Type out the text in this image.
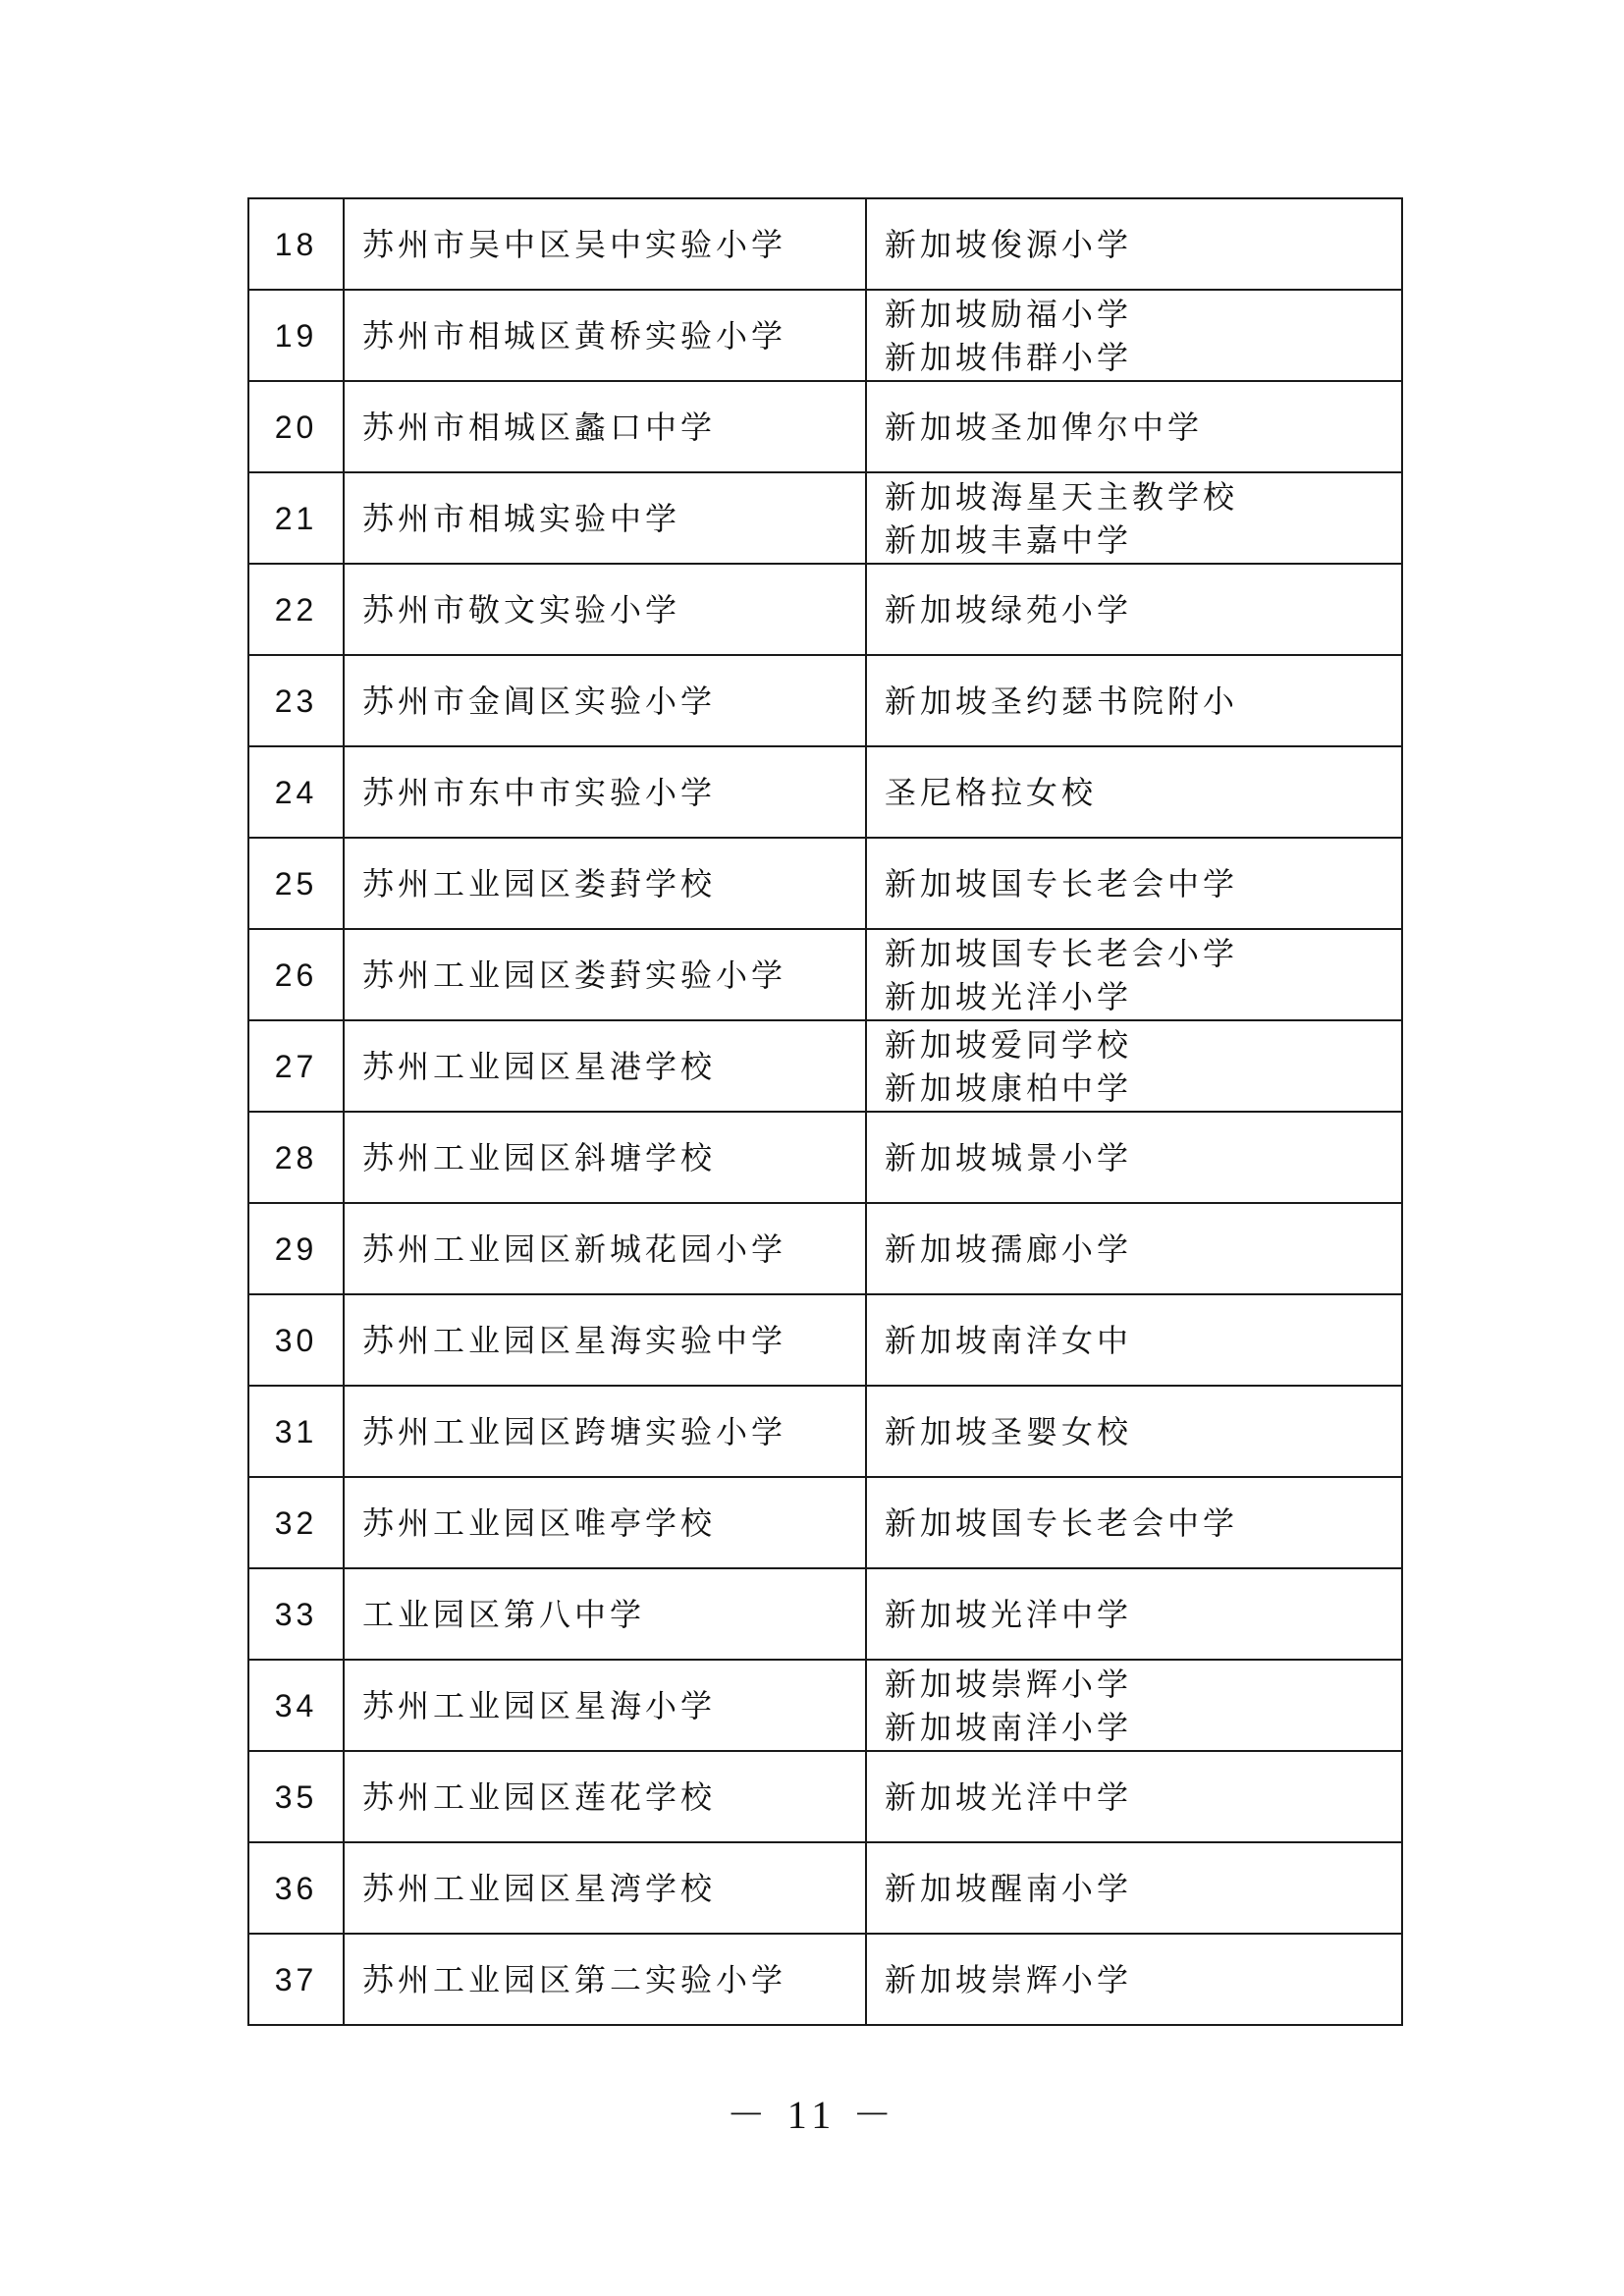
18	苏州市吴中区吴中实验小学	新加坡俊源小学

19	苏州市相城区黄桥实验小学	新加坡励福小学
新加坡伟群小学

20	苏州市相城区蠡口中学	新加坡圣加俾尔中学

21	苏州市相城实验中学	新加坡海星天主教学校
新加坡丰嘉中学

22	苏州市敬文实验小学	新加坡绿苑小学

23	苏州市金阊区实验小学	新加坡圣约瑟书院附小

24	苏州市东中市实验小学	圣尼格拉女校

25	苏州工业园区娄葑学校	新加坡国专长老会中学

26	苏州工业园区娄葑实验小学	新加坡国专长老会小学
新加坡光洋小学

27	苏州工业园区星港学校	新加坡爱同学校
新加坡康柏中学

28	苏州工业园区斜塘学校	新加坡城景小学

29	苏州工业园区新城花园小学	新加坡孺廊小学

30	苏州工业园区星海实验中学	新加坡南洋女中

31	苏州工业园区跨塘实验小学	新加坡圣婴女校

32	苏州工业园区唯亭学校	新加坡国专长老会中学

33	工业园区第八中学	新加坡光洋中学

34	苏州工业园区星海小学	新加坡崇辉小学
新加坡南洋小学

35	苏州工业园区莲花学校	新加坡光洋中学

36	苏州工业园区星湾学校	新加坡醒南小学

37	苏州工业园区第二实验小学	新加坡崇辉小学
－ 11 －
